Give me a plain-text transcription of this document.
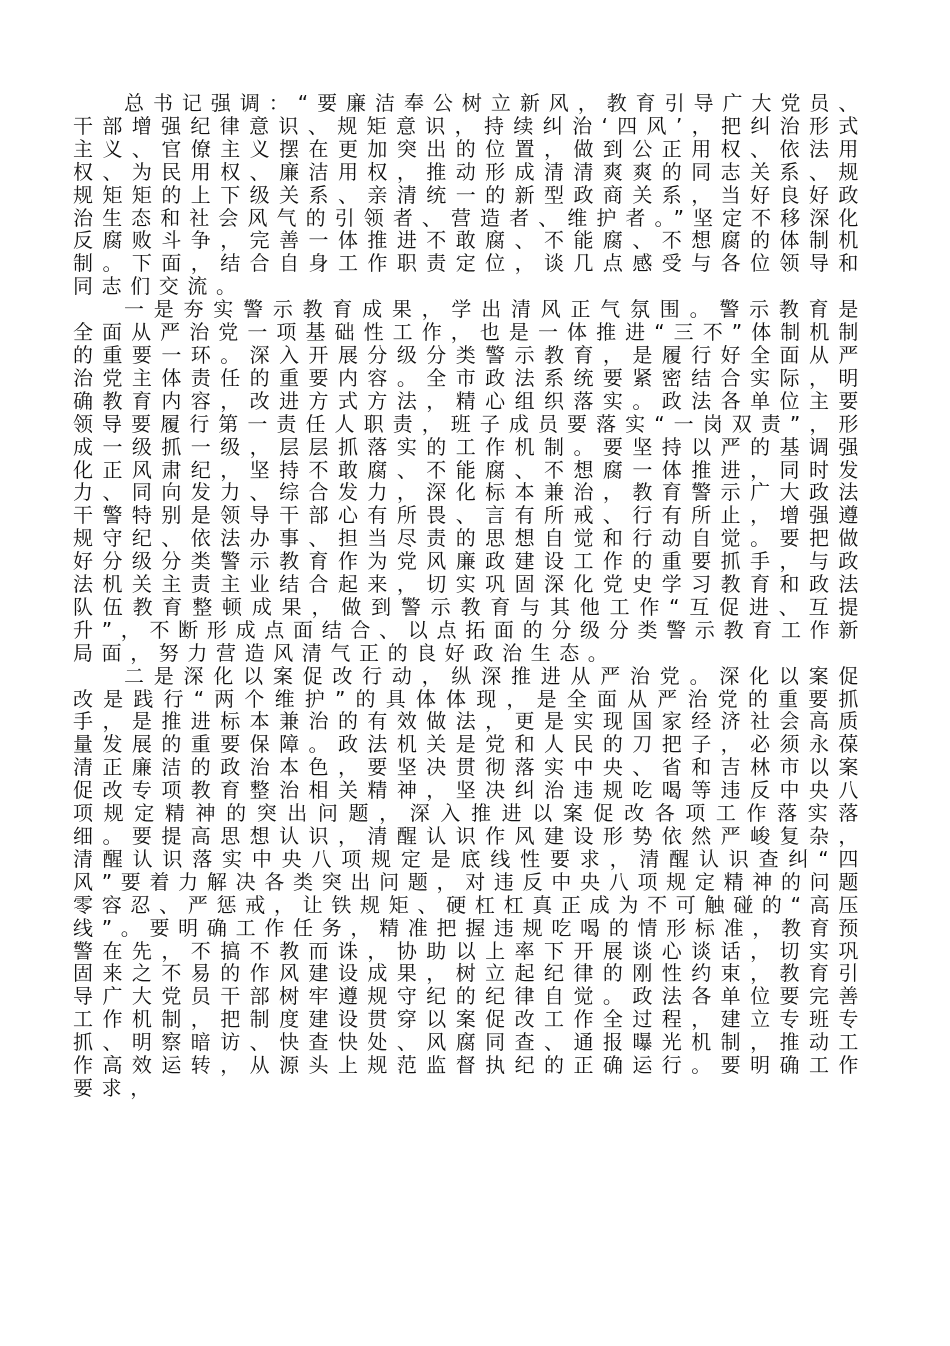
总书记强调：“要廉洁奉公树立新风，教育引导广大党员、干部增强纪律意识、规矩意识，持续纠治‘四风’，把纠治形式主义、官僚主义摆在更加突出的位置，做到公正用权、依法用权、为民用权、廉洁用权，推动形成清清爽爽的同志关系、规规矩矩的上下级关系、亲清统一的新型政商关系，当好良好政治生态和社会风气的引领者、营造者、维护者。”坚定不移深化反腐败斗争，完善一体推进不敢腐、不能腐、不想腐的体制机制。下面，结合自身工作职责定位，谈几点感受与各位领导和同志们交流。

一是夯实警示教育成果，学出清风正气氛围。警示教育是全面从严治党一项基础性工作，也是一体推进“三不”体制机制的重要一环。深入开展分级分类警示教育，是履行好全面从严治党主体责任的重要内容。全市政法系统要紧密结合实际，明确教育内容，改进方式方法，精心组织落实。政法各单位主要领导要履行第一责任人职责，班子成员要落实“一岗双责”，形成一级抓一级，层层抓落实的工作机制。要坚持以严的基调强化正风肃纪，坚持不敢腐、不能腐、不想腐一体推进，同时发力、同向发力、综合发力，深化标本兼治，教育警示广大政法干警特别是领导干部心有所畏、言有所戒、行有所止，增强遵规守纪、依法办事、担当尽责的思想自觉和行动自觉。要把做好分级分类警示教育作为党风廉政建设工作的重要抓手，与政法机关主责主业结合起来，切实巩固深化党史学习教育和政法队伍教育整顿成果，做到警示教育与其他工作“互促进、互提升”，不断形成点面结合、以点拓面的分级分类警示教育工作新局面，努力营造风清气正的良好政治生态。

二是深化以案促改行动，纵深推进从严治党。深化以案促改是践行“两个维护”的具体体现，是全面从严治党的重要抓手，是推进标本兼治的有效做法，更是实现国家经济社会高质量发展的重要保障。政法机关是党和人民的刀把子，必须永葆清正廉洁的政治本色，要坚决贯彻落实中央、省和吉林市以案促改专项教育整治相关精神，坚决纠治违规吃喝等违反中央八项规定精神的突出问题，深入推进以案促改各项工作落实落细。要提高思想认识，清醒认识作风建设形势依然严峻复杂，清醒认识落实中央八项规定是底线性要求，清醒认识查纠“四风”要着力解决各类突出问题，对违反中央八项规定精神的问题零容忍、严惩戒，让铁规矩、硬杠杠真正成为不可触碰的“高压线”。要明确工作任务，精准把握违规吃喝的情形标准，教育预警在先，不搞不教而诛，协助以上率下开展谈心谈话，切实巩固来之不易的作风建设成果，树立起纪律的刚性约束，教育引导广大党员干部树牢遵规守纪的纪律自觉。政法各单位要完善工作机制，把制度建设贯穿以案促改工作全过程，建立专班专抓、明察暗访、快查快处、风腐同查、通报曝光机制，推动工作高效运转，从源头上规范监督执纪的正确运行。要明确工作要求，
